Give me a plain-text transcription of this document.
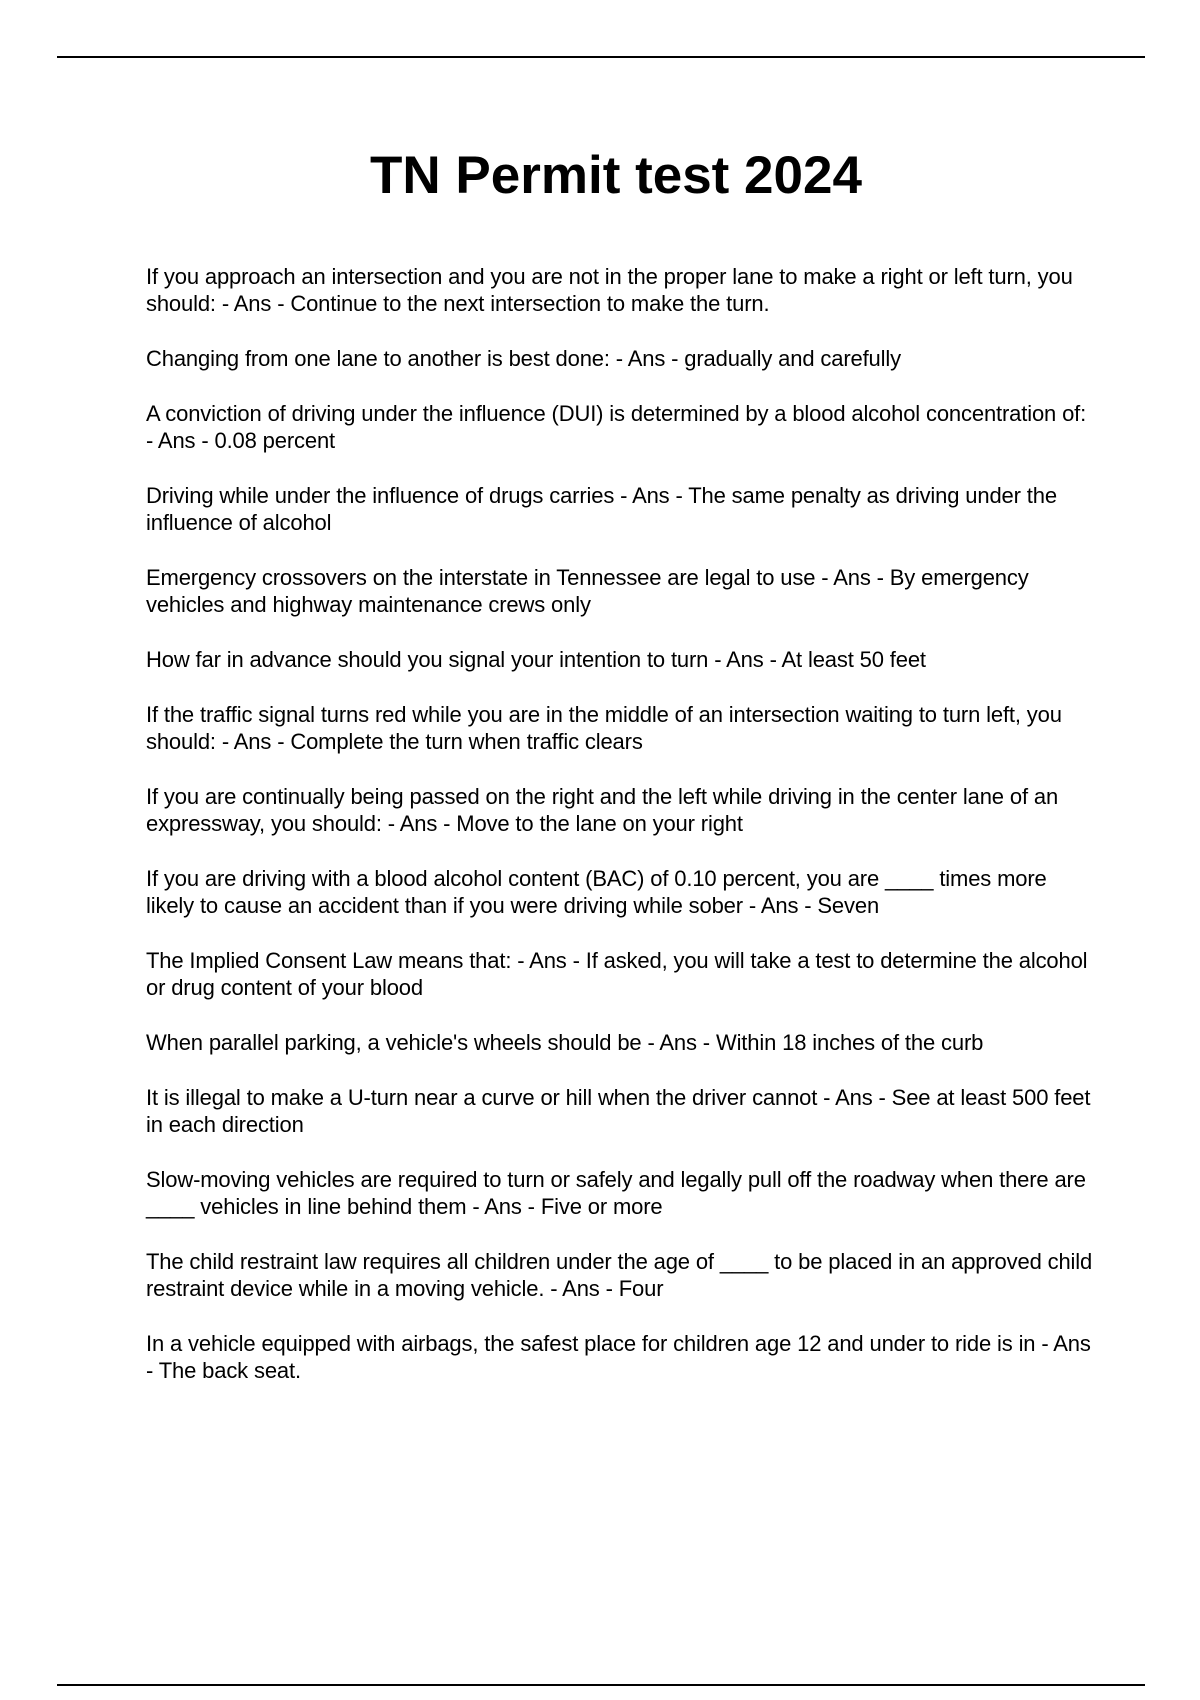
TN Permit test 2024
If you approach an intersection and you are not in the proper lane to make a right or left turn, you should: - Ans - Continue to the next intersection to make the turn.
Changing from one lane to another is best done: - Ans - gradually and carefully
A conviction of driving under the influence (DUI) is determined by a blood alcohol concentration of: - Ans - 0.08 percent
Driving while under the influence of drugs carries - Ans - The same penalty as driving under the influence of alcohol
Emergency crossovers on the interstate in Tennessee are legal to use - Ans - By emergency vehicles and highway maintenance crews only
How far in advance should you signal your intention to turn - Ans - At least 50 feet
If the traffic signal turns red while you are in the middle of an intersection waiting to turn left, you should: - Ans - Complete the turn when traffic clears
If you are continually being passed on the right and the left while driving in the center lane of an expressway, you should: - Ans - Move to the lane on your right
If you are driving with a blood alcohol content (BAC) of 0.10 percent, you are ____ times more likely to cause an accident than if you were driving while sober - Ans - Seven
The Implied Consent Law means that: - Ans - If asked, you will take a test to determine the alcohol or drug content of your blood
When parallel parking, a vehicle's wheels should be - Ans - Within 18 inches of the curb
It is illegal to make a U-turn near a curve or hill when the driver cannot - Ans - See at least 500 feet in each direction
Slow-moving vehicles are required to turn or safely and legally pull off the roadway when there are ____ vehicles in line behind them - Ans - Five or more
The child restraint law requires all children under the age of ____ to be placed in an approved child restraint device while in a moving vehicle. - Ans - Four
In a vehicle equipped with airbags, the safest place for children age 12 and under to ride is in - Ans - The back seat.
